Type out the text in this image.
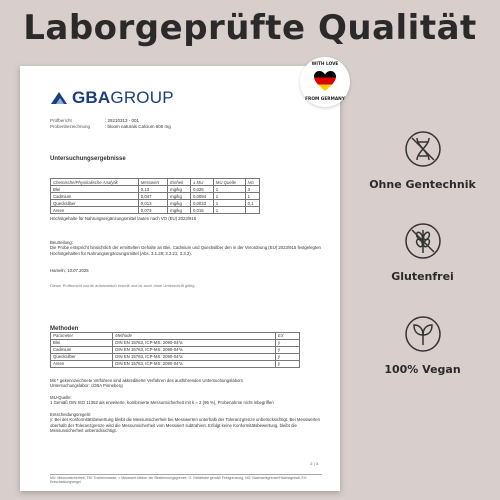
Laborgeprüfte Qualität
GBAGROUP
Prüfbericht	: 25210313 - 001
Probenbezeichnung	: bloom naturals Calcium 600 mg
Untersuchungsergebnisse
Chemische/Physikalische Analytik	Messwert	Einheit	± MU	MU Quelle	NG
Blei	0,13	mg/kg	0,026	1	3
Cadmium	0,047	mg/kg	0,0094	1	1
Quecksilber	0,013	mg/kg	0,0033	1	0,1
Arsen	0,073	mg/kg	0,015	1	
Höchstgehalte für Nahrungsergänzungsmittel lauten nach VO (EU) 2023/915
Beurteilung:
Die Probe entspricht hinsichtlich der ermittelten Gehalte an Blei, Cadmium und Quecksilber den in der Verordnung (EU) 2023/915 festgelegten Höchstgehalten für Nahrungsergänzungsmittel (Abs. 3.1.28; 3.2.21; 3.3.2).
Hameln, 10.07.2025
Dieser Prüfbericht wurde automatisch erstellt und ist auch ohne Unterschrift gültig.
Methoden
Parameter	Methode	EX
Blei	DIN EN 15763, ICP-MS: 2090-04*a	y
Cadmium	DIN EN 15763, ICP-MS: 2090-04*a	y
Quecksilber	DIN EN 15763, ICP-MS: 2090-04*a	y
Arsen	DIN EN 15763, ICP-MS: 2090-04*a	y
Mit * gekennzeichnete Verfahren sind akkreditierte Verfahren des ausführenden Untersuchungslabors
Untersuchungslabor: cGBA Pinneberg
MU-Quelle:
1 Gemäß DIN ISO 11352 als erweiterte, kombinierte Messunsicherheit mit k = 2 (95 %), Probenahme nicht inbegriffen
Entscheidungsregeln:
y: Bei der Konformitätsbewertung bleibt die Messunsicherheit bei Messwerten unterhalb der Toleranzgrenze unberücksichtigt. Bei Messwerten oberhalb der Toleranzgrenze wird die Messunsicherheit vom Messwert subtrahiert. Erfolgt keine Konformitätsbewertung, bleibt die Messunsicherheit unberücksichtigt.
2 | 3
MU: Messunsicherheit, TM: Trockenmasse, < Messwert kleiner der Bestimmungsgrenze, G: Gebietsbe gemäß Feldgrenzung, NG: Nachweisgrenze/Höchstgehalt, EX: Entscheidungsregel
WITH LOVE
FROM GERMANY
Ohne Gentechnik
Glutenfrei
100% Vegan
